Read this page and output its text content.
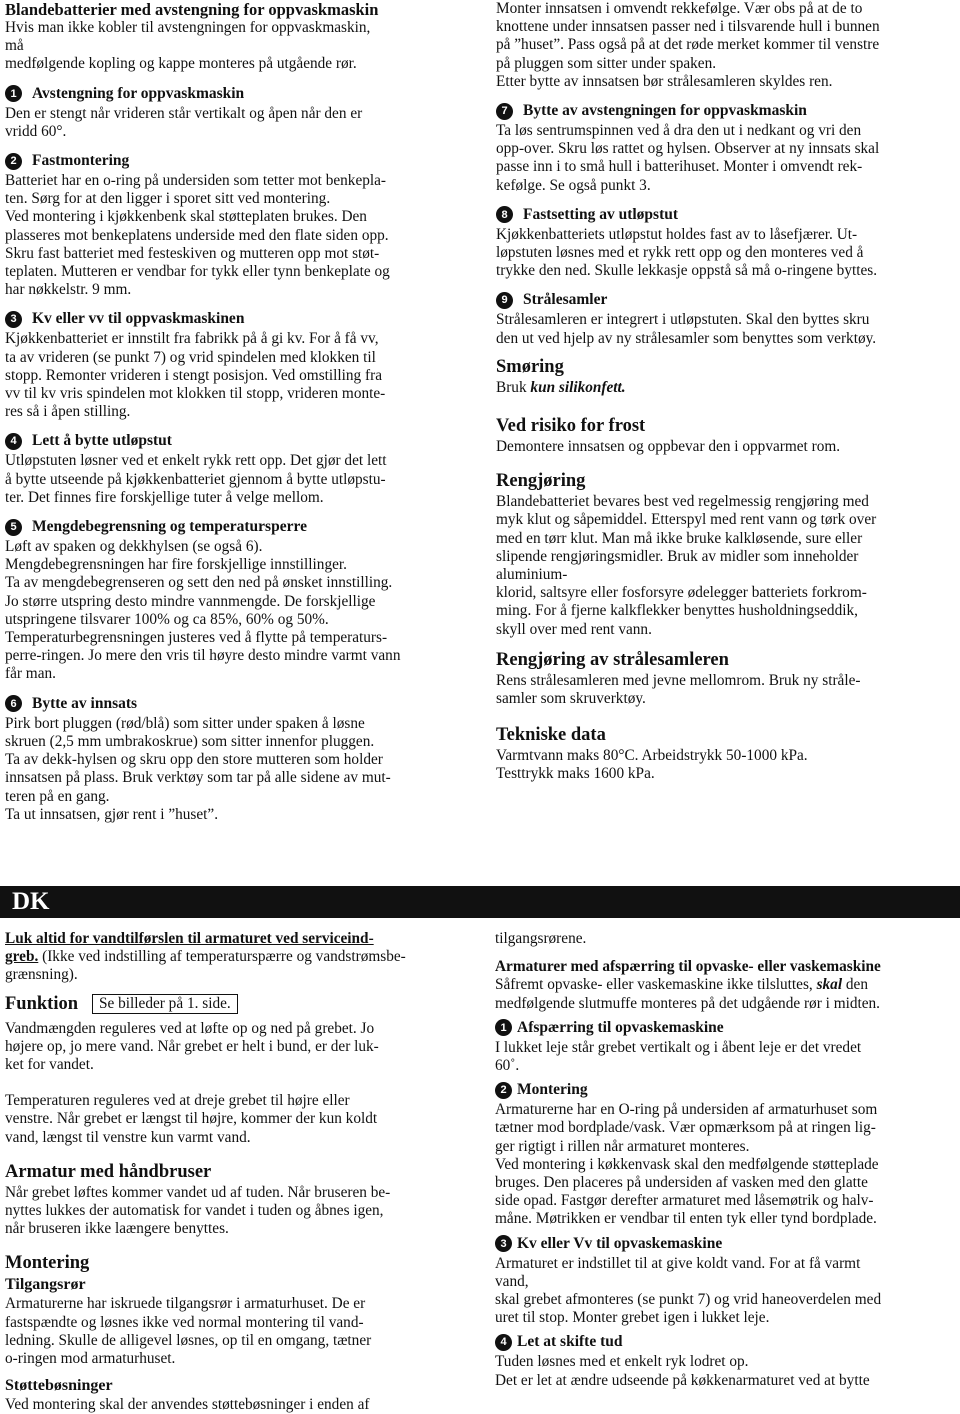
Blandebatterier med avstengning for oppvaskmaskin

Hvis man ikke kobler til avstengningen for oppvaskmaskin,

må

medfølgende kopling og kappe monteres på utgående rør.

1 Avstengning for oppvaskmaskin

Den er stengt når vrideren står vertikalt og åpen når den er

vridd 60°.

2 Fastmontering

Batteriet har en o-ring på undersiden som tetter mot benkepla-

ten. Sørg for at den ligger i sporet sitt ved montering.

Ved montering i kjøkkenbenk skal støtteplaten brukes. Den

plasseres mot benkeplatens underside med den flate siden opp.

Skru fast batteriet med festeskiven og mutteren opp mot støt-

teplaten. Mutteren er vendbar for tykk eller tynn benkeplate og

har nøkkelstr. 9 mm.

3 Kv eller vv til oppvaskmaskinen

Kjøkkenbatteriet er innstilt fra fabrikk på å gi kv. For å få vv,

ta av vrideren (se punkt 7) og vrid spindelen med klokken til

stopp. Remonter vrideren i stengt posisjon. Ved omstilling fra

vv til kv vris spindelen mot klokken til stopp, vrideren monte-

res så i åpen stilling.

4 Lett å bytte utløpstut

Utløpstuten løsner ved et enkelt rykk rett opp. Det gjør det lett

å bytte utseende på kjøkkenbatteriet gjennom å bytte utløpstu-

ter. Det finnes fire forskjellige tuter å velge mellom.

5 Mengdebegrensning og temperatursperre

Løft av spaken og dekkhylsen (se også 6).

Mengdebegrensningen har fire forskjellige innstillinger.

Ta av mengdebegrenseren og sett den ned på ønsket innstilling.

Jo større utspring desto mindre vannmengde. De forskjellige

utspringene tilsvarer 100% og ca 85%, 60% og 50%.

Temperaturbegrensningen justeres ved å flytte på temperaturs-

perre-ringen. Jo mere den vris til høyre desto mindre varmt vann

får man.

6 Bytte av innsats

Pirk bort pluggen (rød/blå) som sitter under spaken å løsne

skruen (2,5 mm umbrakoskrue) som sitter innenfor pluggen.

Ta av dekk-hylsen og skru opp den store mutteren som holder

innsatsen på plass. Bruk verktøy som tar på alle sidene av mut-

teren på en gang.

Ta ut innsatsen, gjør rent i ”huset”.

Monter innsatsen i omvendt rekkefølge. Vær obs på at de to

knottene under innsatsen passer ned i tilsvarende hull i bunnen

på ”huset”. Pass også på at det røde merket kommer til venstre

på pluggen som sitter under spaken.

Etter bytte av innsatsen bør strålesamleren skyldes ren.

7 Bytte av avstengningen for oppvaskmaskin

Ta løs sentrumspinnen ved å dra den ut i nedkant og vri den

opp-over. Skru løs rattet og hylsen. Observer at ny innsats skal

passe inn i to små hull i batterihuset. Monter i omvendt rek-

kefølge. Se også punkt 3.

8 Fastsetting av utløpstut

Kjøkkenbatteriets utløpstut holdes fast av to låsefjærer. Ut-

løpstuten løsnes med et rykk rett opp og den monteres ved å

trykke den ned. Skulle lekkasje oppstå så må o-ringene byttes.

9 Strålesamler

Strålesamleren er integrert i utløpstuten. Skal den byttes skru

den ut ved hjelp av ny strålesamler som benyttes som verktøy.

Smøring

Bruk kun silikonfett.

Ved risiko for frost

Demontere innsatsen og oppbevar den i oppvarmet rom.

Rengjøring

Blandebatteriet bevares best ved regelmessig rengjøring med

myk klut og såpemiddel. Etterspyl med rent vann og tørk over

med en tørr klut. Man må ikke bruke kalkløsende, sure eller

slipende rengjøringsmidler. Bruk av midler som inneholder

aluminium-

klorid, saltsyre eller fosforsyre ødelegger batteriets forkrom-

ming. For å fjerne kalkflekker benyttes husholdningseddik,

skyll over med rent vann.

Rengjøring av strålesamleren

Rens strålesamleren med jevne mellomrom. Bruk ny stråle-

samler som skruverktøy.

Tekniske data

Varmtvann maks 80°C. Arbeidstrykk 50-1000 kPa.

Testtrykk maks 1600 kPa.

DK

Luk altid for vandtilførslen til armaturet ved serviceind-

greb. (Ikke ved indstilling af temperaturspærre og vandstrømsbe-

grænsning).

Funktion	Se billeder på 1. side.

Vandmængden reguleres ved at løfte op og ned på grebet. Jo

højere op, jo mere vand. Når grebet er helt i bund, er der luk-

ket for vandet.

Temperaturen reguleres ved at dreje grebet til højre eller

venstre. Når grebet er længst til højre, kommer der kun koldt

vand, længst til venstre kun varmt vand.

Armatur med håndbruser

Når grebet løftes kommer vandet ud af tuden. Når bruseren be-

nyttes lukkes der automatisk for vandet i tuden og åbnes igen,

når bruseren ikke laængere benyttes.

Montering

Tilgangsrør

Armaturerne har iskruede tilgangsrør i armaturhuset. De er

fastspændte og løsnes ikke ved normal montering til vand-

ledning. Skulle de alligevel løsnes, op til en omgang, tætner

o-ringen mod armaturhuset.

Støttebøsninger

Ved montering skal der anvendes støttebøsninger i enden af

tilgangsrørene.

Armaturer med afspærring til opvaske- eller vaskemaskine

Såfremt opvaske- eller vaskemaskine ikke tilsluttes, skal den

medfølgende slutmuffe monteres på det udgående rør i midten.

1 Afspærring til opvaskemaskine

I lukket leje står grebet vertikalt og i åbent leje er det vredet

60˚.

2 Montering

Armaturerne har en O-ring på undersiden af armaturhuset som

tætner mod bordplade/vask. Vær opmærksom på at ringen lig-

ger rigtigt i rillen når armaturet monteres.

Ved montering i køkkenvask skal den medfølgende støtteplade

bruges. Den placeres på undersiden af vasken med den glatte

side opad. Fastgør derefter armaturet med låsemøtrik og halv-

måne. Møtrikken er vendbar til enten tyk eller tynd bordplade.

3 Kv eller Vv til opvaskemaskine

Armaturet er indstillet til at give koldt vand. For at få varmt

vand,

skal grebet afmonteres (se punkt 7) og vrid haneoverdelen med

uret til stop. Monter grebet igen i lukket leje.

4 Let at skifte tud

Tuden løsnes med et enkelt ryk lodret op.

Det er let at ændre udseende på køkkenarmaturet ved at bytte
